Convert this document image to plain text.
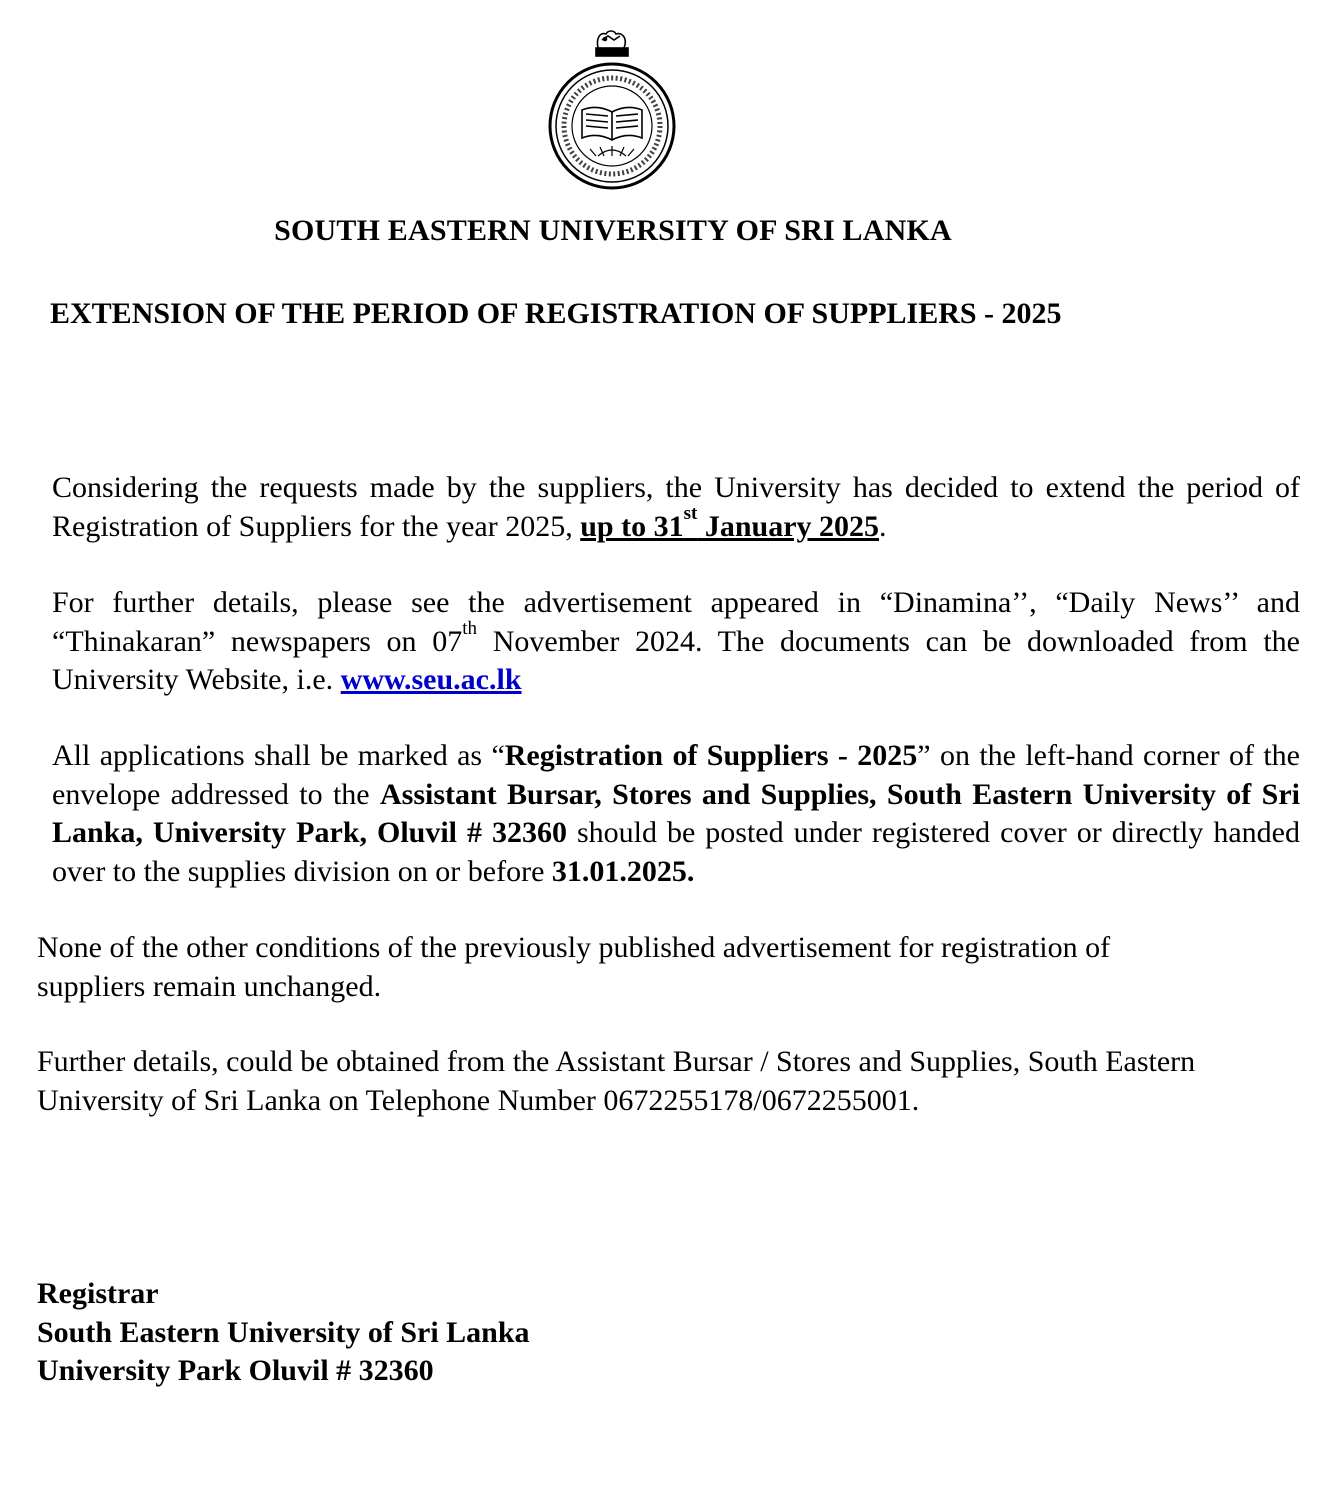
SOUTH EASTERN UNIVERSITY OF SRI LANKA
EXTENSION OF THE PERIOD OF REGISTRATION OF SUPPLIERS - 2025

Considering the requests made by the suppliers, the University has decided to extend the period of Registration of Suppliers for the year 2025, up to 31st January 2025.

For further details, please see the advertisement appeared in “Dinamina’’, “Daily News’’ and “Thinakaran” newspapers on 07th November 2024. The documents can be downloaded from the University Website, i.e. www.seu.ac.lk

All applications shall be marked as “Registration of Suppliers - 2025” on the left-hand corner of the envelope addressed to the Assistant Bursar, Stores and Supplies, South Eastern University of Sri Lanka, University Park, Oluvil # 32360 should be posted under registered cover or directly handed over to the supplies division on or before 31.01.2025.

None of the other conditions of the previously published advertisement for registration of suppliers remain unchanged.

Further details, could be obtained from the Assistant Bursar / Stores and Supplies, South Eastern University of Sri Lanka on Telephone Number 0672255178/0672255001.

Registrar
South Eastern University of Sri Lanka
University Park Oluvil # 32360
